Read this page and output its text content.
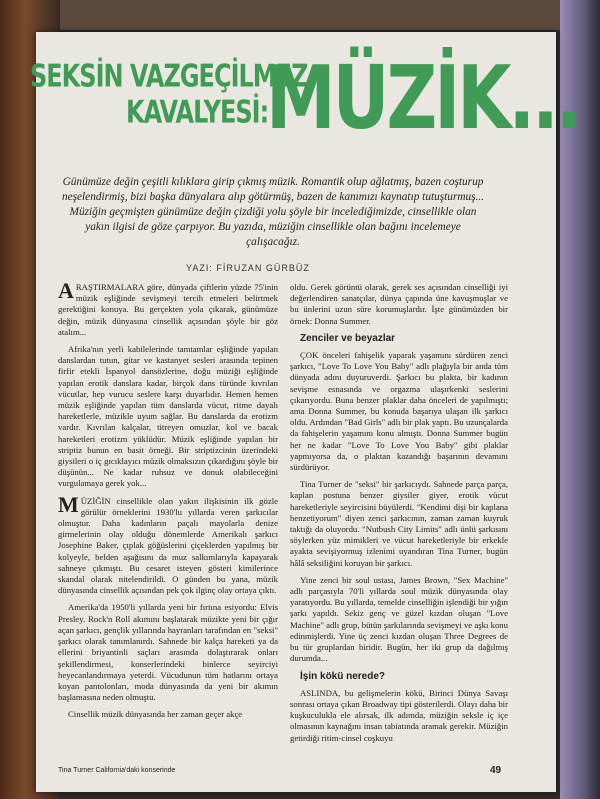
SEKSİN VAZGEÇİLMEZ
KAVALYESİ:
MÜZİK...
Günümüze değin çeşitli kılıklara girip çıkmış müzik. Romantik olup ağlatmış, bazen coşturup neşelendirmiş, bizi başka dünyalara alıp götürmüş, bazen de kanımızı kaynatıp tutuşturmuş... Müziğin geçmişten günümüze değin çizdiği yolu şöyle bir incelediğimizde, cinsellikle olan yakın ilgisi de göze çarpıyor. Bu yazıda, müziğin cinsellikle olan bağını incelemeye çalışacağız.
YAZI: FİRUZAN GÜRBÜZ

ARAŞTIRMALARA göre, dünyada çiftlerin yüzde 75'inin müzik eşliğinde sevişmeyi tercih etmeleri belirtmek gerektiğini konuya. Bu gerçekten yola çıkarak, günümüze değin, müzik dünyasına cinsellik açısından şöyle bir göz atalım...

Afrika'nın yerli kabilelerinde tamtamlar eşliğinde yapılan danslardan tutun, gitar ve kastanyet sesleri arasında tepinen firfir etekli İspanyol dansözlerine, doğu müziği eşliğinde yapılan erotik danslara kadar, birçok dans türünde kıvrılan vücutlar, hep vurucu seslere karşı duyarlıdır. Hemen hemen müzik eşliğinde yapılan tüm danslarda vücut, ritme dayalı hareketlerle, müzikle uyum sağlar. Bu danslarda da erotizm vardır. Kıvrılan kalçalar, titreyen omuzlar, kol ve bacak hareketleri erotizm yüklüdür. Müzik eşliğinde yapılan bir striptiz bunun en basit örneği. Bir striptizcinin üzerindeki giysileri o iç gıcıklayıcı müzik olmaksızın çıkardığını şöyle bir düşünün... Ne kadar ruhsuz ve donuk olabileceğini vurgulamaya gerek yok...

MÜZİĞİN cinsellikle olan yakın ilişkisinin ilk gözle görülür örneklerini 1930'lu yıllarda veren şarkıcılar olmuştur. Daha kadınların paçalı mayolarla denize girmelerinin olay olduğu dönemlerde Amerikalı şarkıcı Josephine Baker, çıplak göğüslerini çiçeklerden yapılmış bir kolyeyle, belden aşağısını da muz salkımlarıyla kapayarak sahneye çıkmıştı. Bu cesaret isteyen gösteri kimilerince skandal olarak nitelendirildi. O günden bu yana, müzik dünyasında cinsellik açısından pek çok ilginç olay ortaya çıktı.

Amerika'da 1950'li yıllarda yeni bir fırtına esiyordu: Elvis Presley. Rock'n Roll akımını başlatarak müzikte yeni bir çığır açan şarkıcı, gençlik yıllarında hayranları tarafından en "seksi" şarkıcı olarak tanımlanırdı. Sahnede bir kalça hareketi ya da ellerini briyantinli saçları arasında dolaştırarak onları şekillendirmesi, konserlerindeki binlerce seyirciyi heyecanlandırmaya yeterdi. Vücudunun tüm hatlarını ortaya koyan pantolonları, moda dünyasında da yeni bir akımın başlamasına neden olmuştu.

Cinsellik müzik dünyasında her zaman geçer akçe

oldu. Gerek görüntü olarak, gerek ses açısından cinselliği iyi değerlendiren sanatçılar, dünya çapında üne kavuşmuşlar ve bu ünlerini uzun süre korumuşlardır. İşte günümüzden bir örnek: Donna Summer.

Zenciler ve beyazlar

ÇOK önceleri fahişelik yaparak yaşamını sürdüren zenci şarkıcı, "Love To Love You Baby" adlı plağıyla bir anda tüm dünyada adını duyuruverdi. Şarkıcı bu plakta, bir kadının sevişme esnasında ve orgazma ulaşırkenki seslerini çıkarıyordu. Buna benzer plaklar daha önceleri de yapılmıştı; ama Donna Summer, bu konuda başarıya ulaşan ilk şarkıcı oldu. Ardından "Bad Girls" adlı bir plak yaptı. Bu uzunçalarda da fahişelerin yaşamını konu almıştı. Donna Summer bugün her ne kadar "Love To Love You Baby" gibi plaklar yapmıyorsa da, o plaktan kazandığı başarının devamını sürdürüyor.

Tina Turner de "seksi" bir şarkıcıydı. Sahnede parça parça, kaplan postuna benzer giysiler giyer, erotik vücut hareketleriyle seyircisini büyülerdi. "Kendimi dişi bir kaplana benzetiyorum" diyen zenci şarkıcının, zaman zaman kuyruk taktığı da oluyordu. "Nutbush City Limits" adlı ünlü şarkısını söylerken yüz mimikleri ve vücut hareketleriyle bir erkekle ayakta sevişiyormuş izlenimi uyandıran Tina Turner, bugün hâlâ seksiliğini koruyan bir şarkıcı.

Yine zenci bir soul ustası, James Brown, "Sex Machine" adlı parçasıyla 70'li yıllarda soul müzik dünyasında olay yaratıyordu. Bu yıllarda, temelde cinselliğin işlendiği bir yığın şarkı yapıldı. Sekiz genç ve güzel kızdan oluşan "Love Machine" adlı grup, bütün şarkılarında sevişmeyi ve aşkı konu edinmişlerdi. Yine üç zenci kızdan oluşan Three Degrees de bu tür gruplardan biridir. Bugün, her iki grup da dağılmış durumda...

İşin kökü nerede?

ASLINDA, bu gelişmelerin kökü, Birinci Dünya Savaşı sonrası ortaya çıkan Broadway tipi gösterilerdi. Olayı daha bir kuşkuculukla ele alırsak, ilk adımda, müziğin seksle iç içe olmasının kaynağını insan tabiatında aramak gerekir. Müziğin getirdiği ritim-cinsel coşkuyu

Tina Turner California'daki konserinde	49
